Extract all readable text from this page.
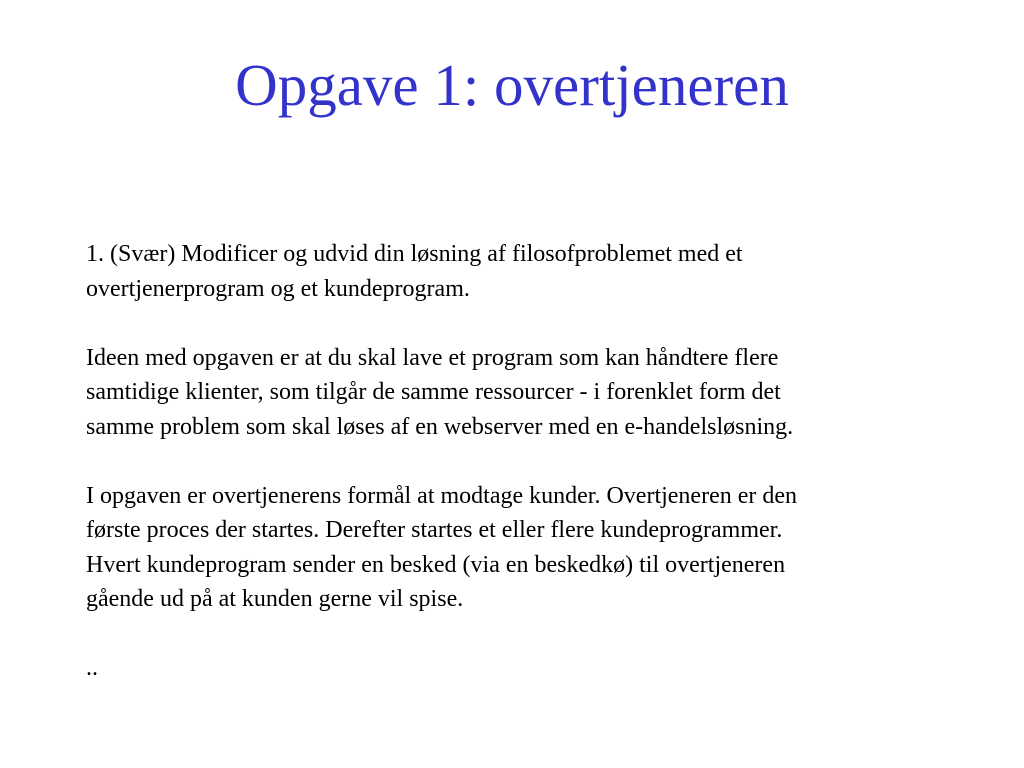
Opgave 1: overtjeneren

1. (Svær) Modificer og udvid din løsning af filosofproblemet med et
overtjenerprogram og et kundeprogram.

Ideen med opgaven er at du skal lave et program som kan håndtere flere
samtidige klienter, som tilgår de samme ressourcer - i forenklet form det
samme problem som skal løses af en webserver med en e-handelsløsning.

I opgaven er overtjenerens formål at modtage kunder. Overtjeneren er den
første proces der startes. Derefter startes et eller flere kundeprogrammer.
Hvert kundeprogram sender en besked (via en beskedkø) til overtjeneren
gående ud på at kunden gerne vil spise.

..
